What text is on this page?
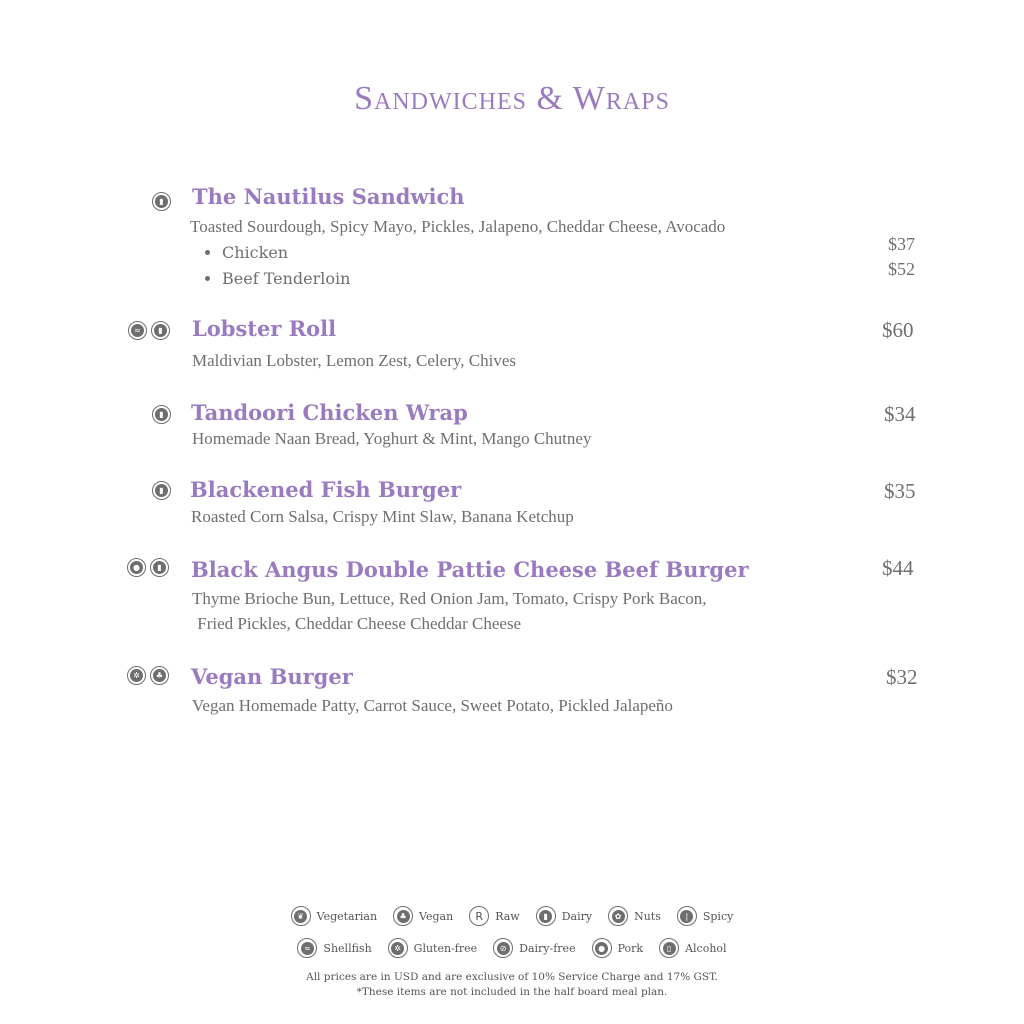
Sandwiches & Wraps
▮ The Nautilus Sandwich
Toasted Sourdough, Spicy Mayo, Pickles, Jalapeno, Cheddar Cheese, Avocado
• Chicken
• Beef Tenderloin
$37
$52
≈	▮ Lobster Roll	$60
Maldivian Lobster, Lemon Zest, Celery, Chives
▮ Tandoori Chicken Wrap	$34
Homemade Naan Bread, Yoghurt & Mint, Mango Chutney
▮ Blackened Fish Burger	$35
Roasted Corn Salsa, Crispy Mint Slaw, Banana Ketchup
●	▮ Black Angus Double Pattie Cheese Beef Burger	$44
Thyme Brioche Bun, Lettuce, Red Onion Jam, Tomato, Crispy Pork Bacon,
Fried Pickles, Cheddar Cheese Cheddar Cheese
✲	♣ Vegan Burger	$32
Vegan Homemade Patty, Carrot Sauce, Sweet Potato, Pickled Jalapeño
❦ Vegetarian	♣ Vegan R Raw	▮	Dairy	✿ Nuts	❘ Spicy
≈ Shellfish	✲ Gluten-free	⊘ Dairy-free	● Pork	▯	Alcohol
All prices are in USD and are exclusive of 10% Service Charge and 17% GST.
*These items are not included in the half board meal plan.
